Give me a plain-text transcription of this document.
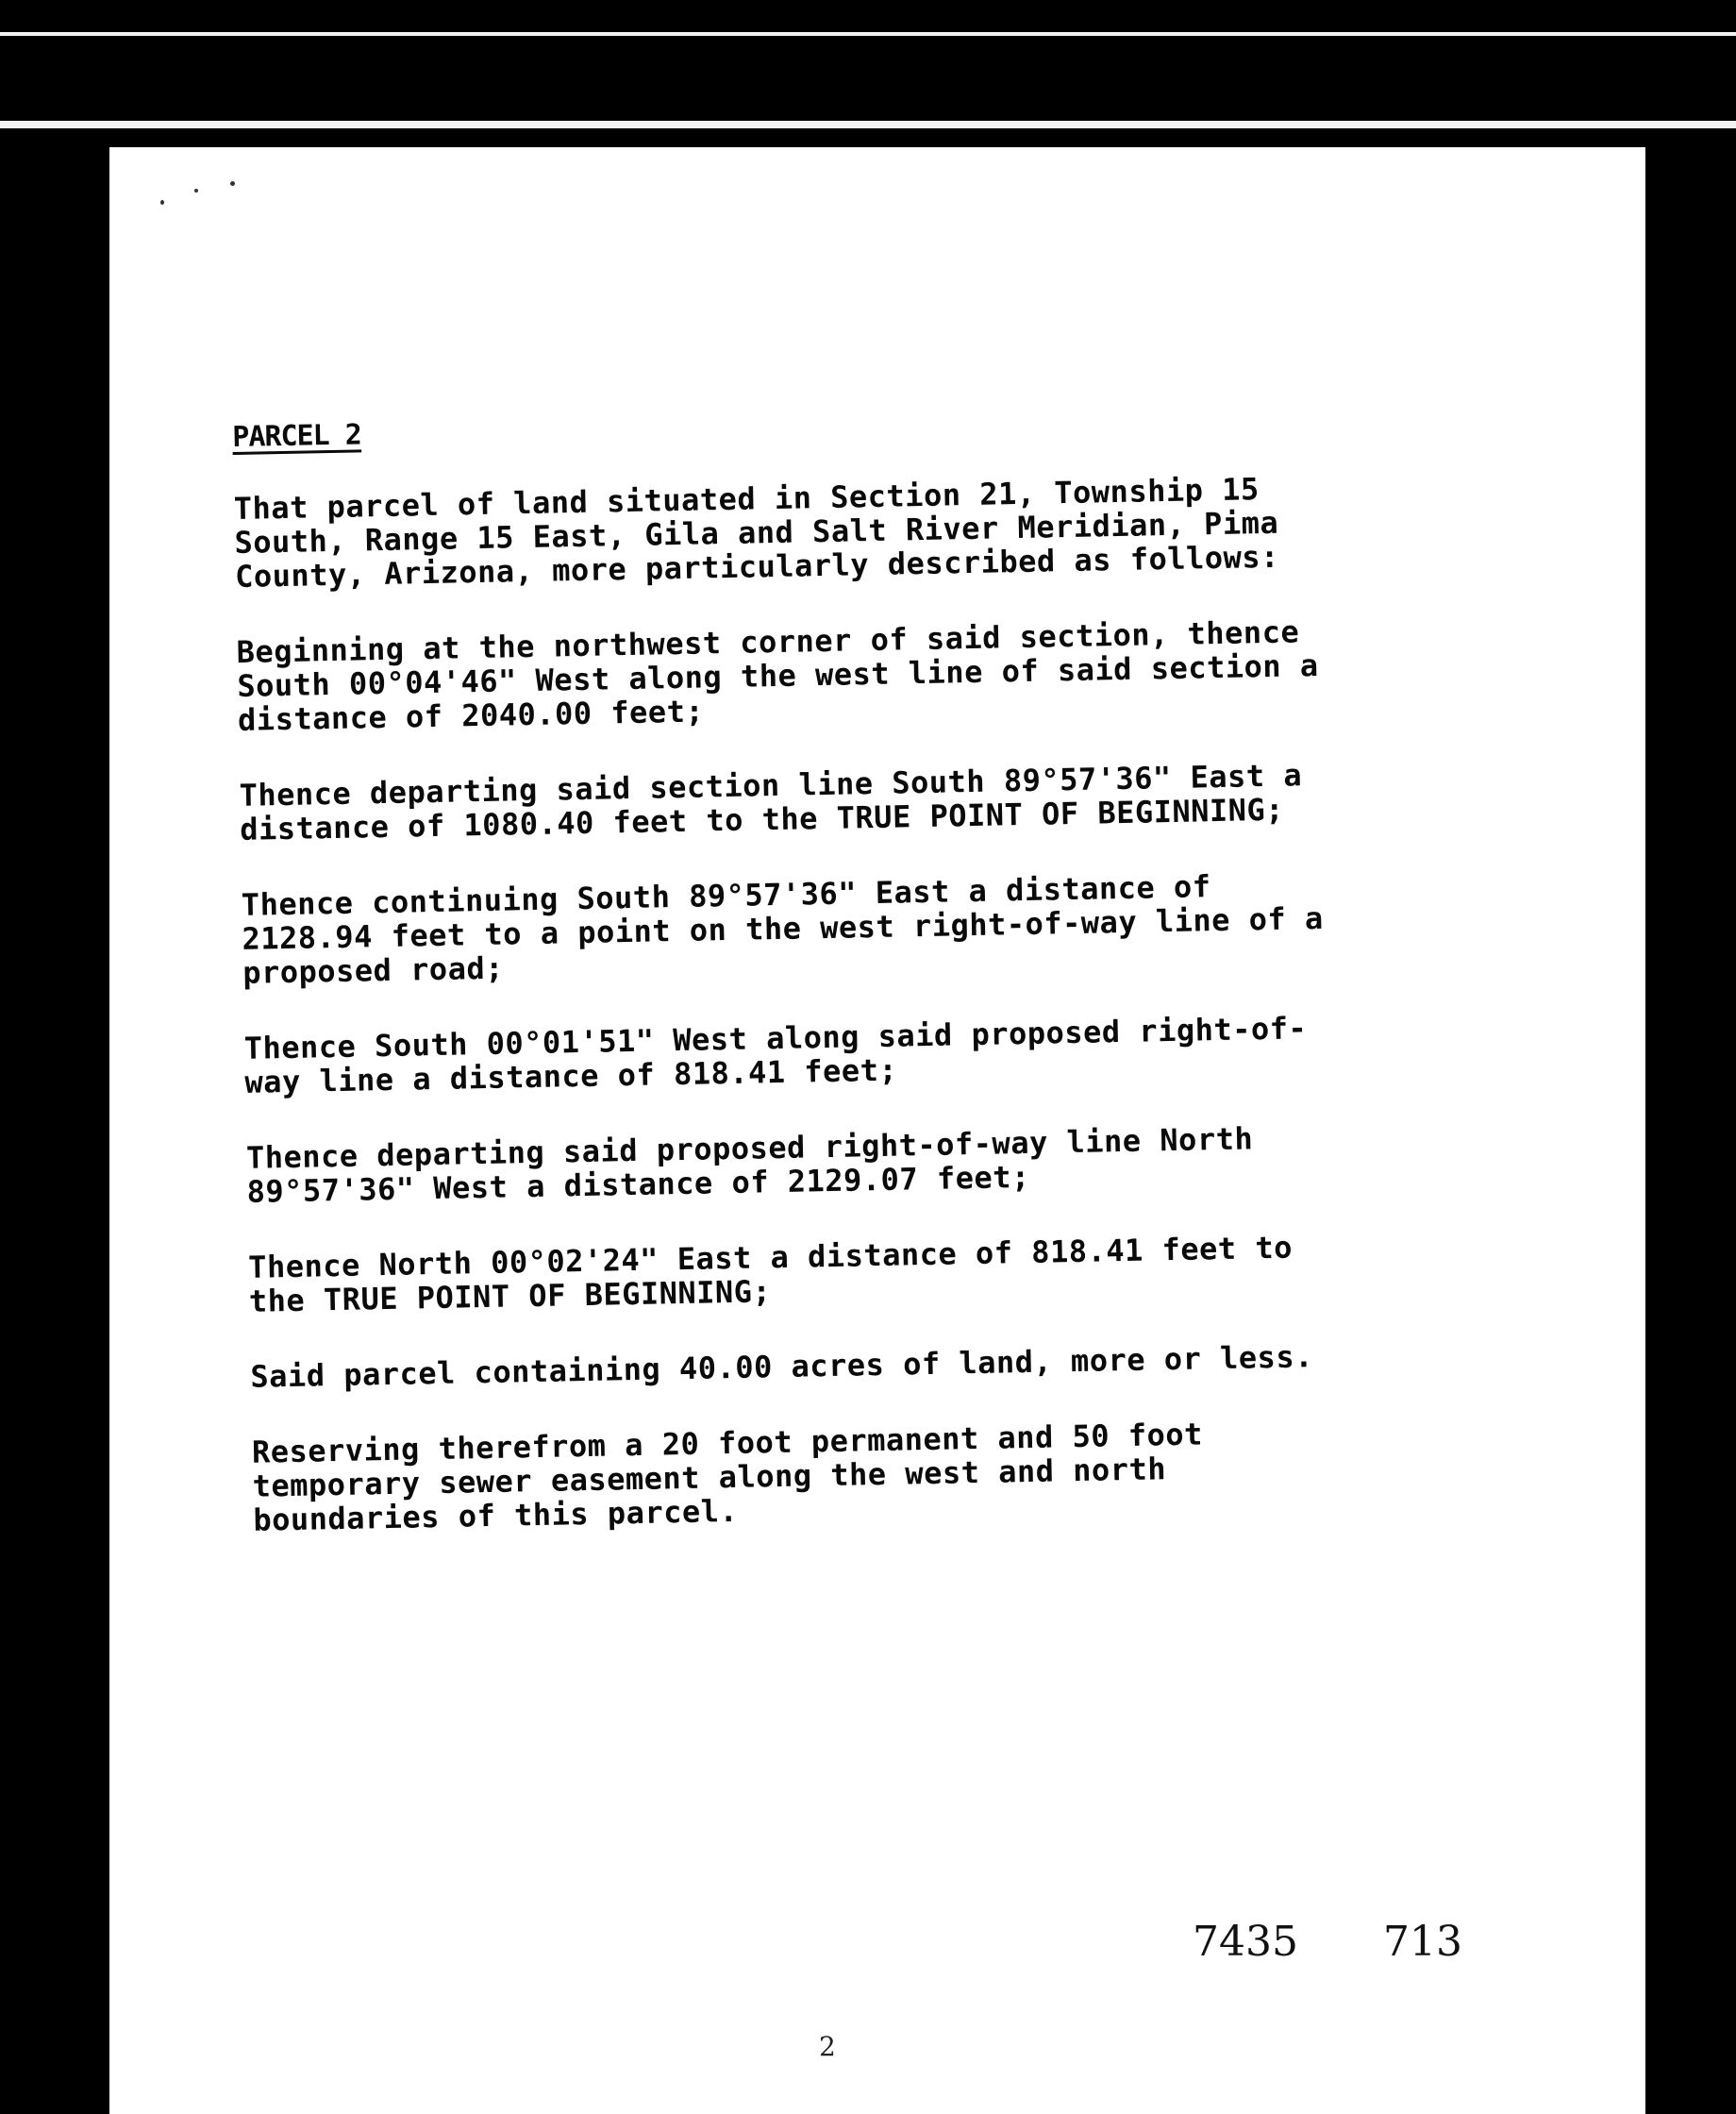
PARCEL 2
That parcel of land situated in Section 21, Township 15
South, Range 15 East, Gila and Salt River Meridian, Pima
County, Arizona, more particularly described as follows:
Beginning at the northwest corner of said section, thence
South 00°04'46" West along the west line of said section a
distance of 2040.00 feet;
Thence departing said section line South 89°57'36" East a
distance of 1080.40 feet to the TRUE POINT OF BEGINNING;
Thence continuing South 89°57'36" East a distance of
2128.94 feet to a point on the west right-of-way line of a
proposed road;
Thence South 00°01'51" West along said proposed right-of-
way line a distance of 818.41 feet;
Thence departing said proposed right-of-way line North
89°57'36" West a distance of 2129.07 feet;
Thence North 00°02'24" East a distance of 818.41 feet to
the TRUE POINT OF BEGINNING;
Said parcel containing 40.00 acres of land, more or less.
Reserving therefrom a 20 foot permanent and 50 foot
temporary sewer easement along the west and north
boundaries of this parcel.
7435 713
2
